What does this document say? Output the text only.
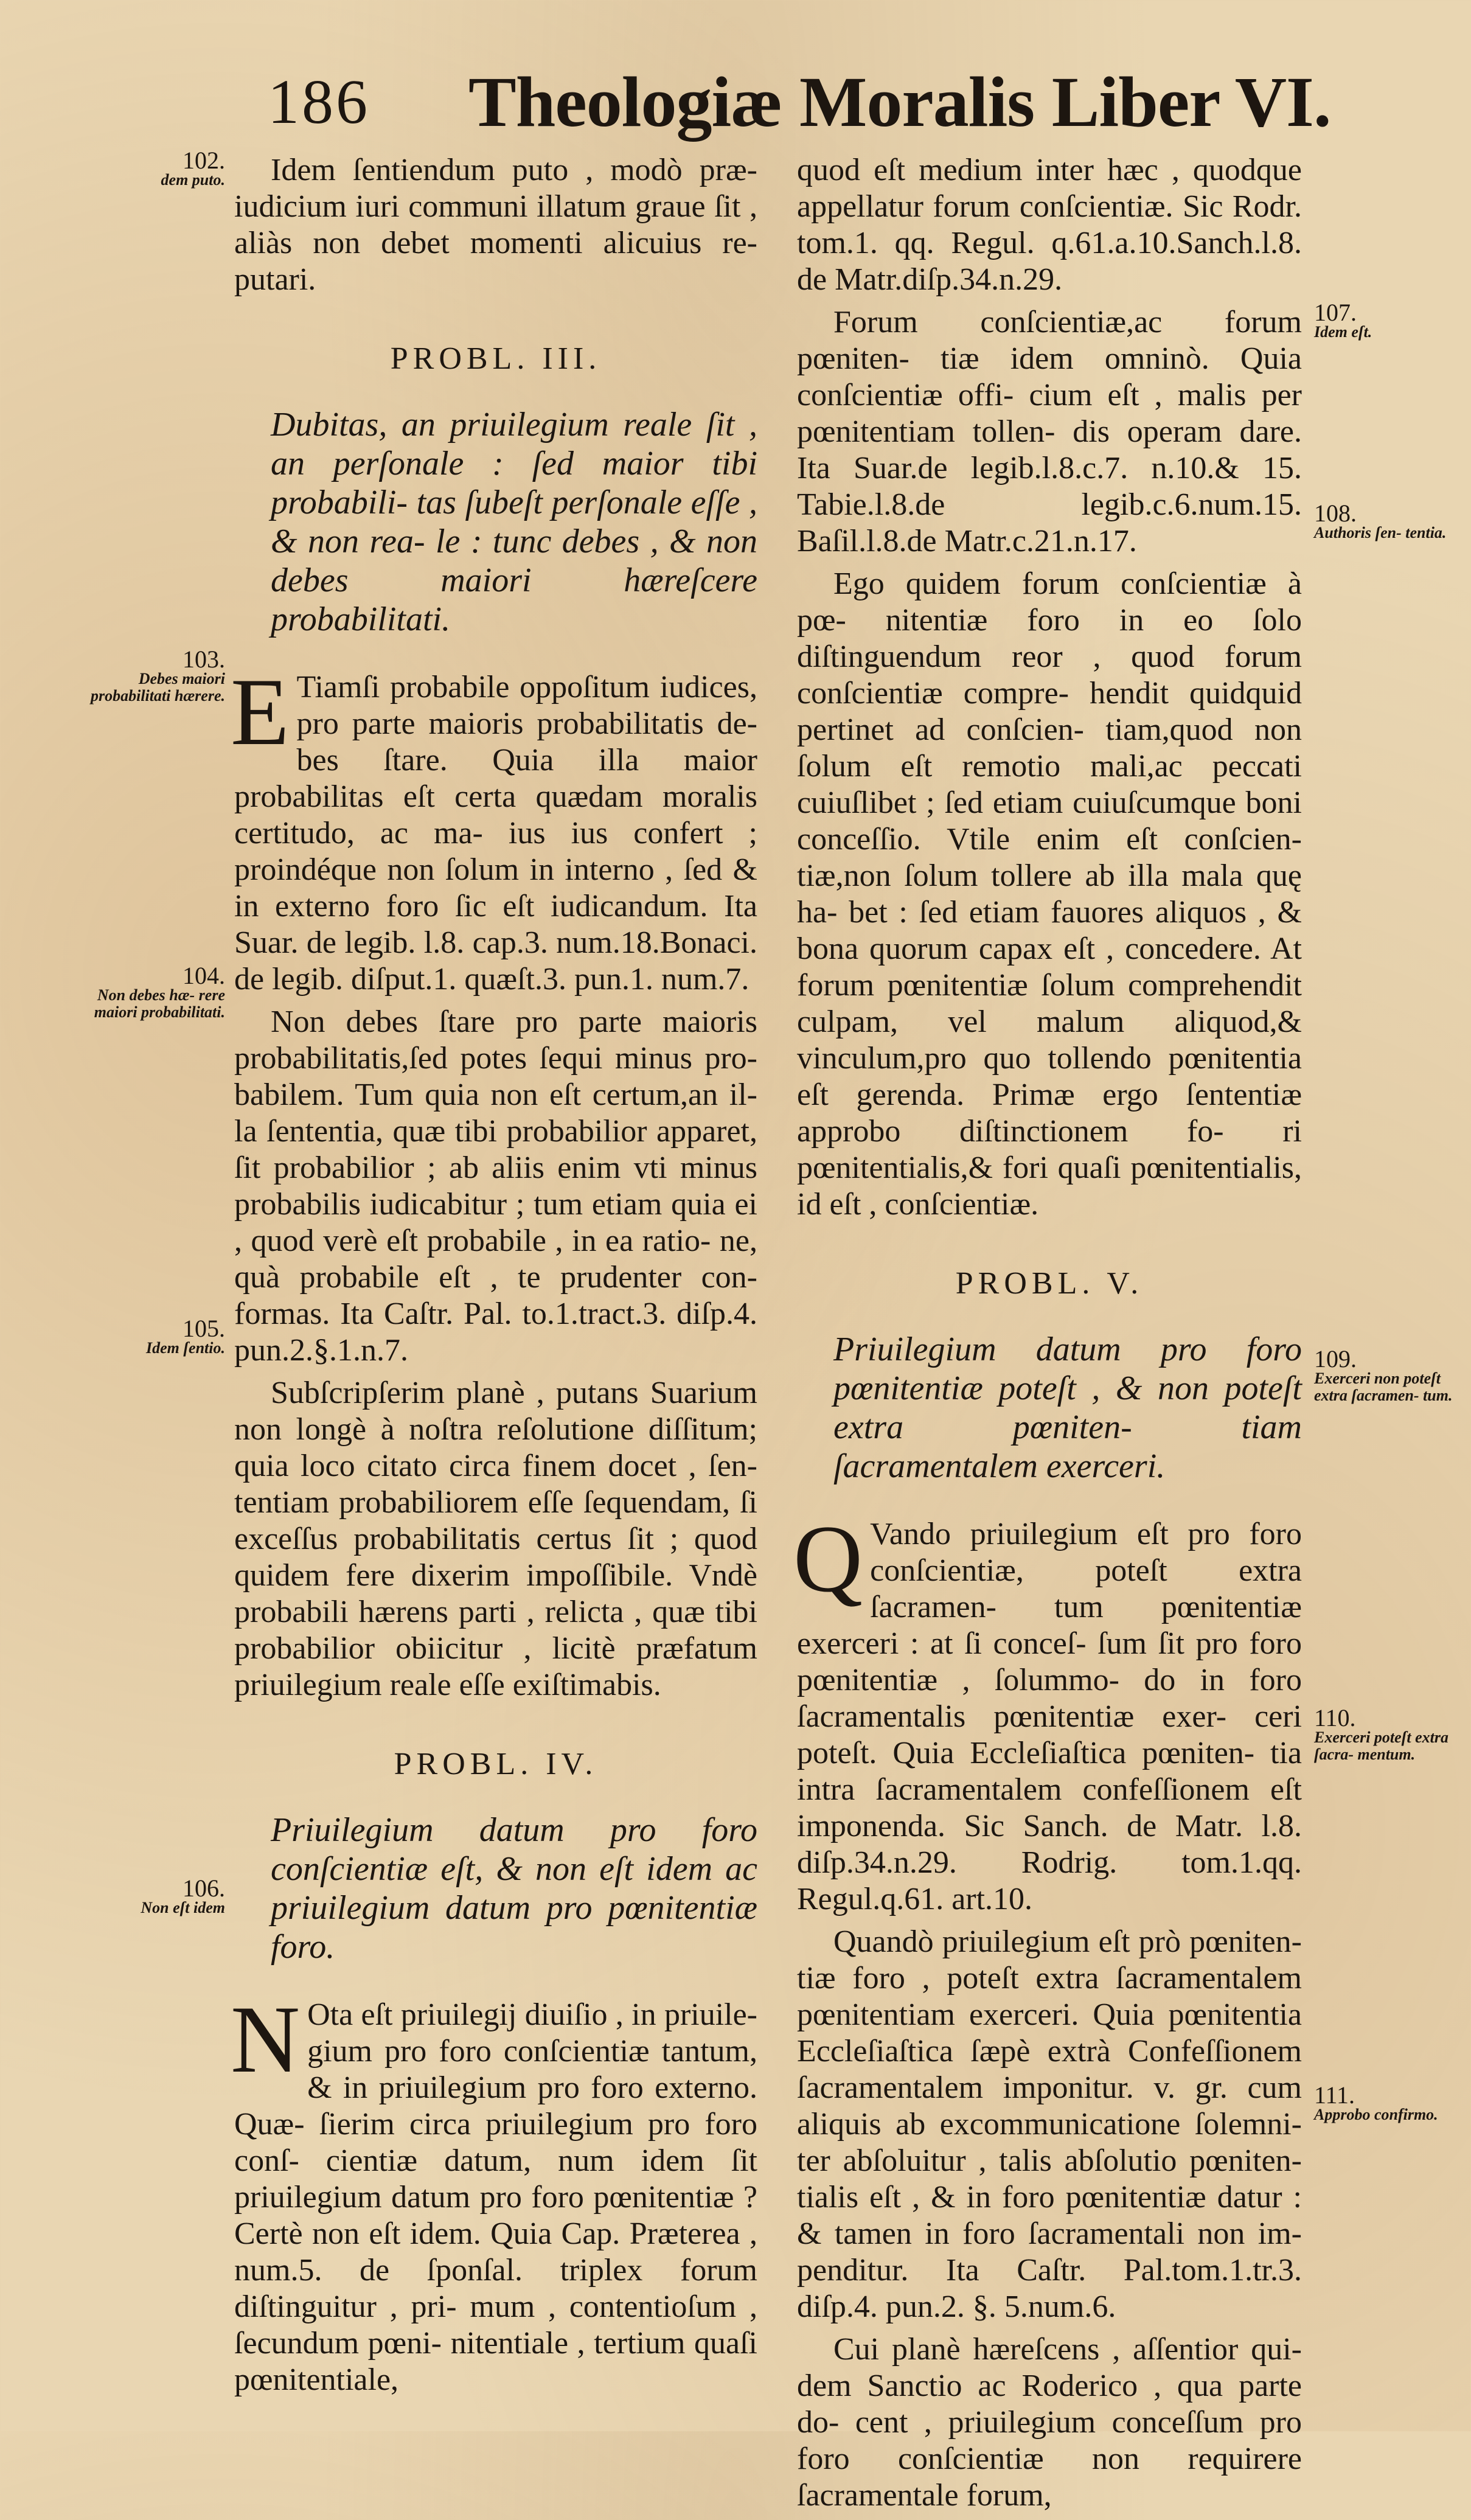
186 Theologiæ Moralis Liber VI.
102.
dem puto.
103.
Debes maiori probabilitati hærere.
104.
Non debes hæ- rere maiori probabilitati.
105.
Idem ſentio.
106.
Non eſt idem

Idem ſentiendum puto , modò præ- iudicium iuri communi illatum graue ſit , aliàs non debet momenti alicuius re- putari.

PROBL. III.

Dubitas, an priuilegium reale ſit , an perſonale : ſed maior tibi probabili- tas ſubeſt perſonale eſſe , & non rea- le : tunc debes , & non debes maiori hæreſcere probabilitati.

E Tiamſi probabile oppoſitum iudices, pro parte maioris probabilitatis de- bes ſtare. Quia illa maior probabilitas eſt certa quædam moralis certitudo, ac ma- ius ius confert ; proindéque non ſolum in interno , ſed & in externo foro ſic eſt iudicandum. Ita Suar. de legib. l.8. cap.3. num.18.Bonaci. de legib. diſput.1. quæſt.3. pun.1. num.7.

Non debes ſtare pro parte maioris probabilitatis,ſed potes ſequi minus pro- babilem. Tum quia non eſt certum,an il- la ſententia, quæ tibi probabilior apparet, ſit probabilior ; ab aliis enim vti minus probabilis iudicabitur ; tum etiam quia ei , quod verè eſt probabile , in ea ratio- ne, quà probabile eſt , te prudenter con- formas. Ita Caſtr. Pal. to.1.tract.3. diſp.4. pun.2.§.1.n.7.

Subſcripſerim planè , putans Suarium non longè à noſtra reſolutione diſſitum; quia loco citato circa finem docet , ſen- tentiam probabiliorem eſſe ſequendam, ſi exceſſus probabilitatis certus ſit ; quod quidem fere dixerim impoſſibile. Vndè probabili hærens parti , relicta , quæ tibi probabilior obiicitur , licitè præfatum priuilegium reale eſſe exiſtimabis.

PROBL. IV.

Priuilegium datum pro foro conſcientiæ eſt, & non eſt idem ac priuilegium datum pro pœnitentiæ foro.

N Ota eſt priuilegij diuiſio , in priuile- gium pro foro conſcientiæ tantum, & in priuilegium pro foro externo. Quæ- ſierim circa priuilegium pro foro conſ- cientiæ datum, num idem ſit priuilegium datum pro foro pœnitentiæ ? Certè non eſt idem. Quia Cap. Præterea , num.5. de ſponſal. triplex forum diſtinguitur , pri- mum , contentioſum , ſecundum pœni- nitentiale , tertium quaſi pœnitentiale,

quod eſt medium inter hæc , quodque appellatur forum conſcientiæ. Sic Rodr. tom.1. qq. Regul. q.61.a.10.Sanch.l.8. de Matr.diſp.34.n.29.

Forum conſcientiæ,ac forum pœniten- tiæ idem omninò. Quia conſcientiæ offi- cium eſt , malis per pœnitentiam tollen- dis operam dare. Ita Suar.de legib.l.8.c.7. n.10.& 15. Tabie.l.8.de legib.c.6.num.15. Baſil.l.8.de Matr.c.21.n.17.

Ego quidem forum conſcientiæ à pœ- nitentiæ foro in eo ſolo diſtinguendum reor , quod forum conſcientiæ compre- hendit quidquid pertinet ad conſcien- tiam,quod non ſolum eſt remotio mali,ac peccati cuiuſlibet ; ſed etiam cuiuſcumque boni conceſſio. Vtile enim eſt conſcien- tiæ,non ſolum tollere ab illa mala quę ha- bet : ſed etiam fauores aliquos , & bona quorum capax eſt , concedere. At forum pœnitentiæ ſolum comprehendit culpam, vel malum aliquod,& vinculum,pro quo tollendo pœnitentia eſt gerenda. Primæ ergo ſententiæ approbo diſtinctionem fo- ri pœnitentialis,& fori quaſi pœnitentialis, id eſt , conſcientiæ.

PROBL. V.

Priuilegium datum pro foro pœnitentiæ poteſt , & non poteſt extra pœniten- tiam ſacramentalem exerceri.

Q Vando priuilegium eſt pro foro conſcientiæ, poteſt extra ſacramen- tum pœnitentiæ exerceri : at ſi conceſ- ſum ſit pro foro pœnitentiæ , ſolummo- do in foro ſacramentalis pœnitentiæ exer- ceri poteſt. Quia Eccleſiaſtica pœniten- tia intra ſacramentalem confeſſionem eſt imponenda. Sic Sanch. de Matr. l.8. diſp.34.n.29. Rodrig. tom.1.qq. Regul.q.61. art.10.

Quandò priuilegium eſt prò pœniten- tiæ foro , poteſt extra ſacramentalem pœnitentiam exerceri. Quia pœnitentia Eccleſiaſtica ſæpè extrà Confeſſionem ſacramentalem imponitur. v. gr. cum aliquis ab excommunicatione ſolemni- ter abſoluitur , talis abſolutio pœniten- tialis eſt , & in foro pœnitentiæ datur : & tamen in foro ſacramentali non im- penditur. Ita Caſtr. Pal.tom.1.tr.3. diſp.4. pun.2. §. 5.num.6.

Cui planè hæreſcens , aſſentior qui- dem Sanctio ac Roderico , qua parte do- cent , priuilegium conceſſum pro foro conſcientiæ non requirere ſacramentale forum,

107.
Idem eſt.
108.
Authoris ſen- tentia.
109.
Exerceri non poteſt extra ſacramen- tum.
110.
Exerceri poteſt extra ſacra- mentum.
111.
Approbo confirmo.
